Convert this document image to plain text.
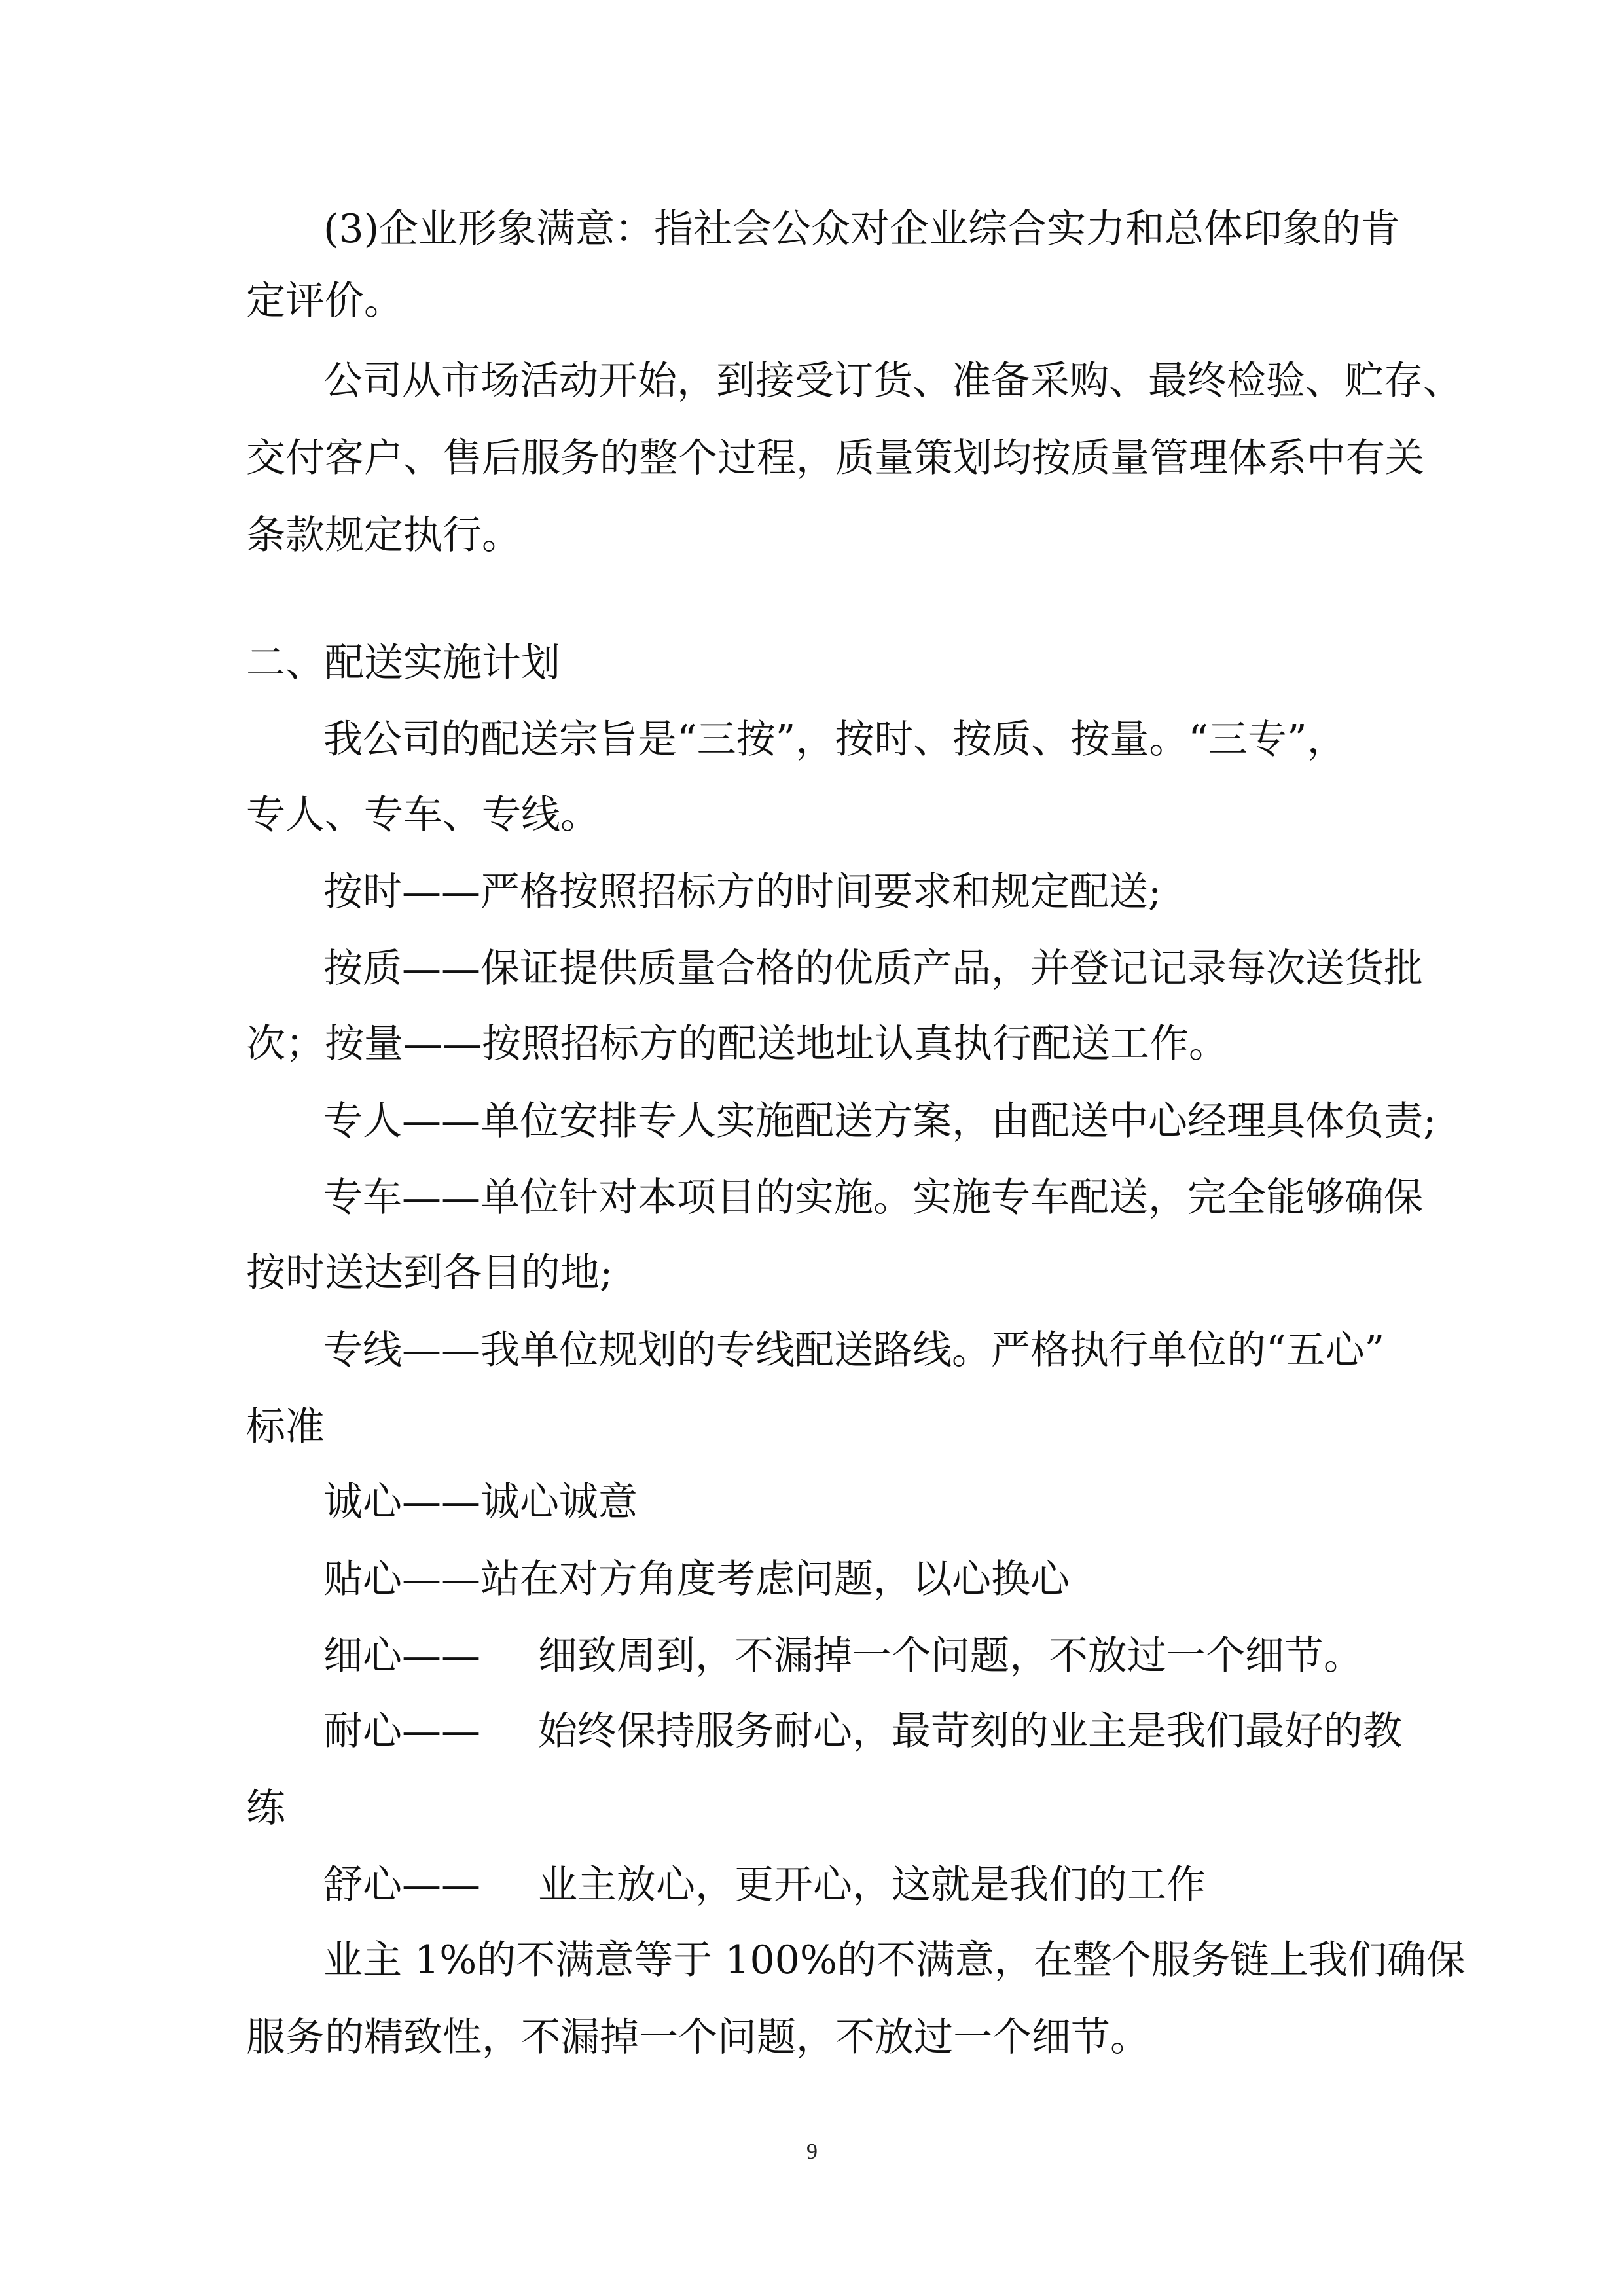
(3)企业形象满意：指社会公众对企业综合实力和总体印象的肯
定评价。
公司从市场活动开始，到接受订货、准备采购、最终检验、贮存、
交付客户、售后服务的整个过程，质量策划均按质量管理体系中有关
条款规定执行。
二、配送实施计划
我公司的配送宗旨是“三按”，按时、按质、按量。“三专”，
专人、专车、专线。
按时——严格按照招标方的时间要求和规定配送;
按质——保证提供质量合格的优质产品，并登记记录每次送货批
次；按量——按照招标方的配送地址认真执行配送工作。
专人——单位安排专人实施配送方案，由配送中心经理具体负责;
专车——单位针对本项目的实施。实施专车配送，完全能够确保
按时送达到各目的地;
专线——我单位规划的专线配送路线。严格执行单位的“五心”
标准
诚心——诚心诚意
贴心——站在对方角度考虑问题，以心换心
细心—— 细致周到，不漏掉一个问题，不放过一个细节。
耐心—— 始终保持服务耐心，最苛刻的业主是我们最好的教
练
舒心—— 业主放心，更开心，这就是我们的工作
业主 1%的不满意等于 100%的不满意，在整个服务链上我们确保
服务的精致性，不漏掉一个问题，不放过一个细节。
9
